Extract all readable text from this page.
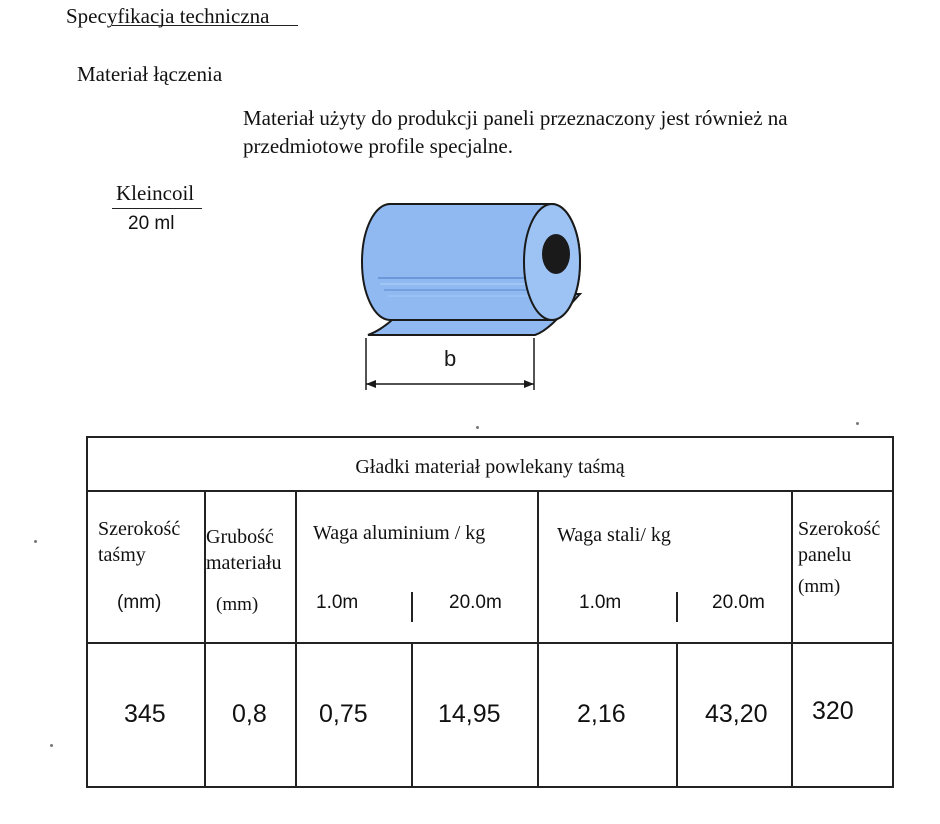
Specyfikacja techniczna
Materiał łączenia
Materiał użyty do produkcji paneli przeznaczony jest również na przedmiotowe profile specjalne.
Kleincoil
20 ml
b
Gładki materiał powlekany taśmą
Szerokość taśmy
(mm)
Grubość materiału
(mm)
Waga aluminium / kg
1.0m	20.0m
Waga stali/ kg
1.0m	20.0m
Szerokość panelu
(mm)
345	0,8 0,75	14,95	2,16	43,20 320
